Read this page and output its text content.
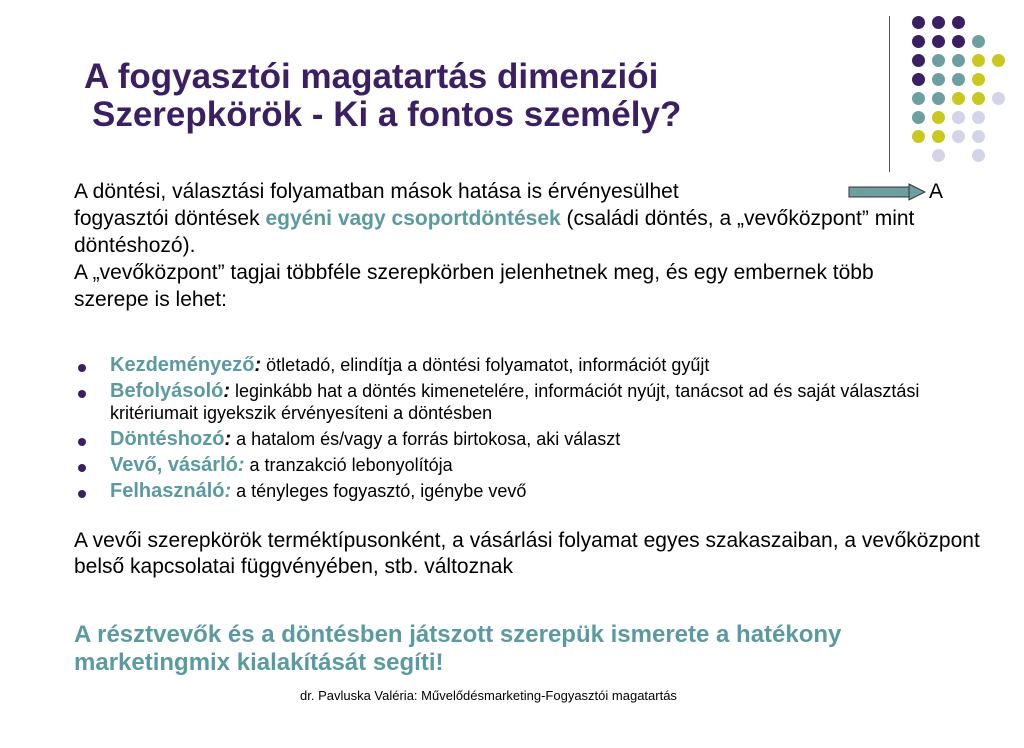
A fogyasztói magatartás dimenziói
Szerepkörök - Ki a fontos személy?
A döntési, választási folyamatban mások hatása is érvényesülhet
fogyasztói döntések egyéni vagy csoportdöntések (családi döntés, a „vevőközpont” mint döntéshozó).
A „vevőközpont” tagjai többféle szerepkörben jelenhetnek meg, és egy embernek több szerepe is lehet:
A
Kezdeményező: ötletadó, elindítja a döntési folyamatot, információt gyűjt
Befolyásoló: leginkább hat a döntés kimenetelére, információt nyújt, tanácsot ad és saját választási kritériumait igyekszik érvényesíteni a döntésben
Döntéshozó: a hatalom és/vagy a forrás birtokosa, aki választ
Vevő, vásárló: a tranzakció lebonyolítója
Felhasználó: a tényleges fogyasztó, igénybe vevő
A vevői szerepkörök terméktípusonként, a vásárlási folyamat egyes szakaszaiban, a vevőközpont belső kapcsolatai függvényében, stb. változnak
A résztvevők és a döntésben játszott szerepük ismerete a hatékony marketingmix kialakítását segíti!
dr. Pavluska Valéria: Művelődésmarketing-Fogyasztói magatartás
